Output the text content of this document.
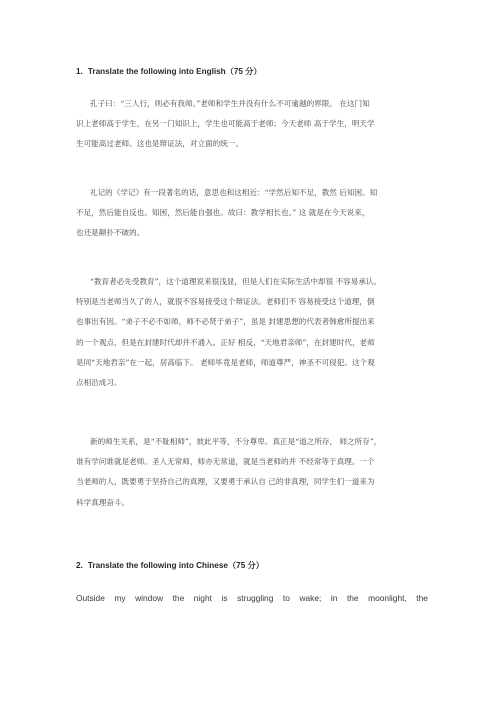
1. Translate the following into English（75 分）
孔子曰：“三人行，则必有我师。”老师和学生并没有什么不可逾越的界限。 在这门知
识上老师高于学生，在另一门知识上，学生也可能高于老师；今天老师 高于学生，明天学
生可能高过老师。这也是辩证法，对立面的统一。
礼记的《学记》有一段著名的话，意思也和这相近：“学然后知不足，教然 后知困。知
不足，然后能自反也。知困，然后能自强也。故曰：教学相长也。” 这 就是在今天说来，
也还是颠扑不破的。
“教育者必先受教育”，这个道理说来很浅显，但是人们在实际生活中却很 不容易承认。
特别是当老师当久了的人，就很不容易接受这个辩证法。老师们不 容易接受这个道理，倒
也事出有因。“弟子不必不如师，师不必贤于弟子”，虽是 封建思想的代表者韩愈所提出来
的一个观点，但是在封建时代却并不通入。正好 相反，“天地君亲师”，在封建时代，老师
是同“天地君亲”在一起，居高临下。 老师毕竟是老师，师道尊严，神圣不可侵犯。这个观
点相沿成习。
新的师生关系，是“不耻相师”，彼此平等，不分尊卑。真正是“道之所存， 师之所存”，
谁有学问谁就是老师。圣人无常师，师亦无常道，就是当老师的并 不经常等于真理。一个
当老师的人，既要勇于坚持自己的真理，又要勇于承认自 己的非真理，同学生们一道来为
科学真理奋斗。
2. Translate the following into Chinese（75 分）
Outside my window the night is struggling to wake; in the moonlight, the
